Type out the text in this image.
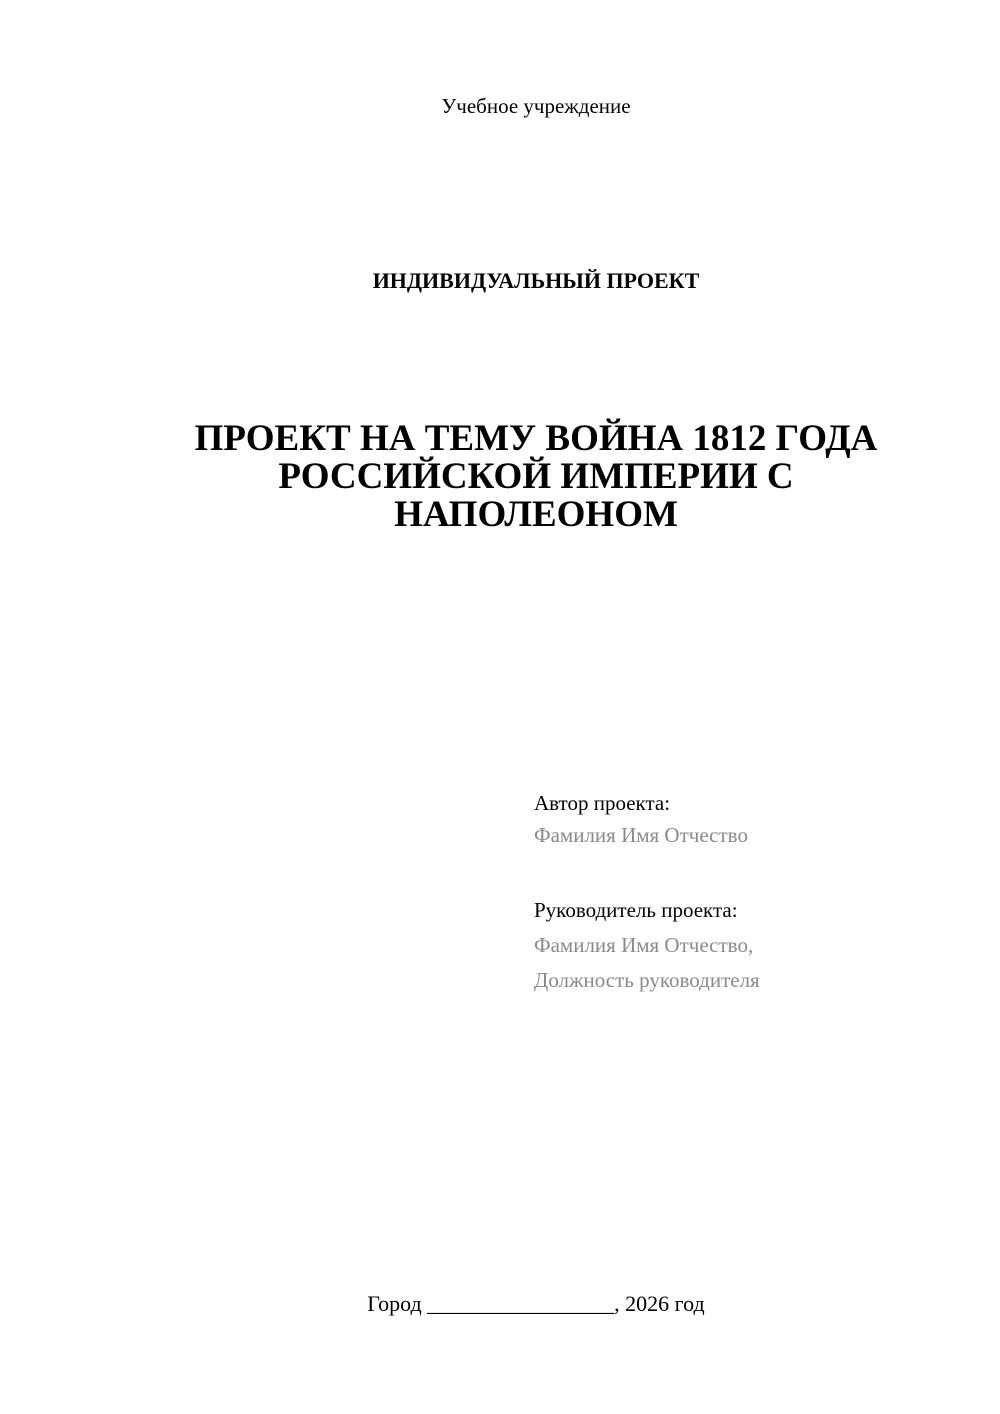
Учебное учреждение
ИНДИВИДУАЛЬНЫЙ ПРОЕКТ
ПРОЕКТ НА ТЕМУ ВОЙНА 1812 ГОДА
РОССИЙСКОЙ ИМПЕРИИ С
НАПОЛЕОНОМ

Автор проекта:

Фамилия Имя Отчество

Руководитель проекта:

Фамилия Имя Отчество,

Должность руководителя

Город _________________, 2026 год
